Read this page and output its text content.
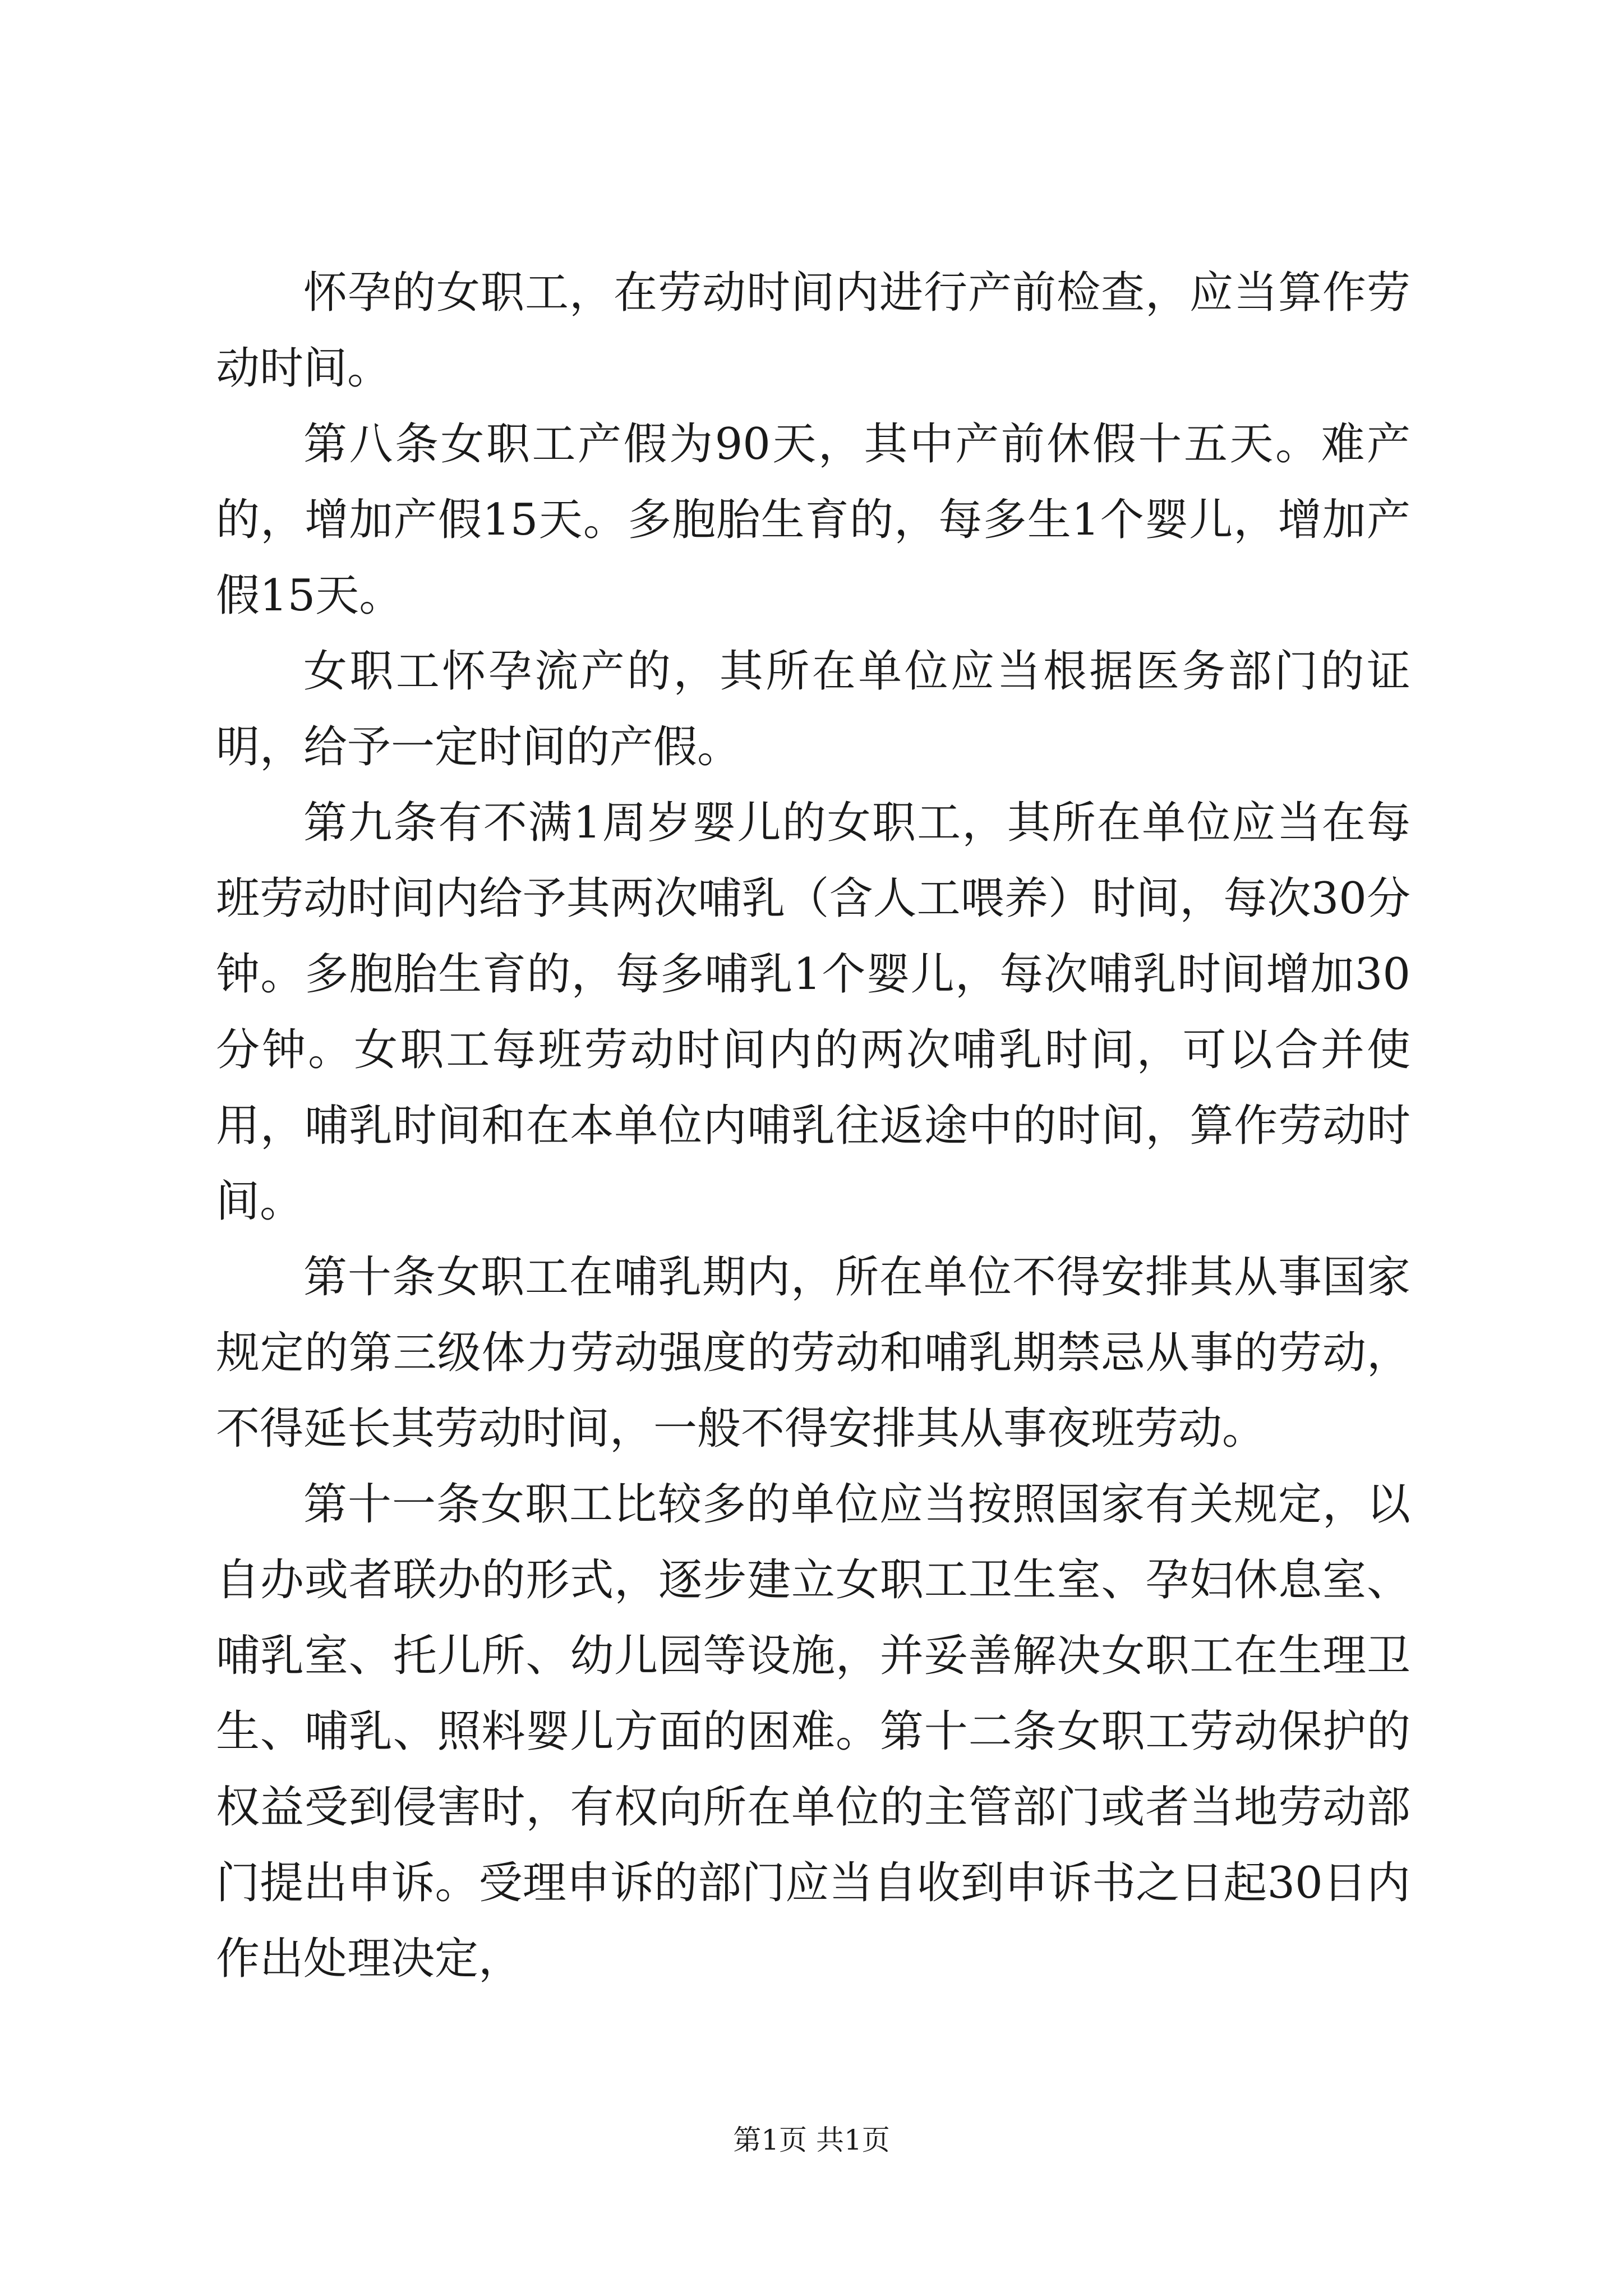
怀孕的女职工，在劳动时间内进行产前检查，应当算作劳动时间。

第八条女职工产假为90天，其中产前休假十五天。难产的，增加产假15天。多胞胎生育的，每多生1个婴儿，增加产假15天。

女职工怀孕流产的，其所在单位应当根据医务部门的证明，给予一定时间的产假。

第九条有不满1周岁婴儿的女职工，其所在单位应当在每班劳动时间内给予其两次哺乳（含人工喂养）时间，每次30分钟。多胞胎生育的，每多哺乳1个婴儿，每次哺乳时间增加30分钟。女职工每班劳动时间内的两次哺乳时间，可以合并使用，哺乳时间和在本单位内哺乳往返途中的时间，算作劳动时间。

第十条女职工在哺乳期内，所在单位不得安排其从事国家规定的第三级体力劳动强度的劳动和哺乳期禁忌从事的劳动，不得延长其劳动时间，一般不得安排其从事夜班劳动。

第十一条女职工比较多的单位应当按照国家有关规定，以自办或者联办的形式，逐步建立女职工卫生室、孕妇休息室、哺乳室、托儿所、幼儿园等设施，并妥善解决女职工在生理卫生、哺乳、照料婴儿方面的困难。第十二条女职工劳动保护的权益受到侵害时，有权向所在单位的主管部门或者当地劳动部门提出申诉。受理申诉的部门应当自收到申诉书之日起30日内作出处理决定，

第1页 共1页
